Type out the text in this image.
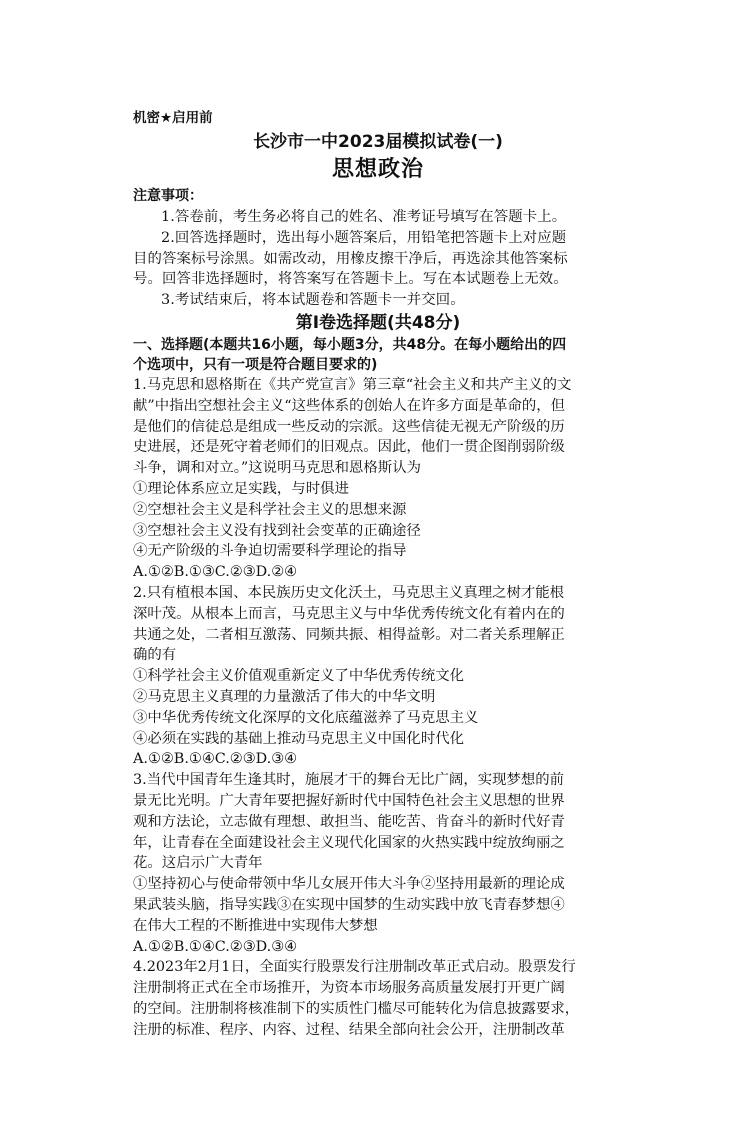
机密★启用前
长沙市一中2023届模拟试卷(一)
思想政治
注意事项：
1.答卷前，考生务必将自己的姓名、准考证号填写在答题卡上。
2.回答选择题时，选出每小题答案后，用铅笔把答题卡上对应题
目的答案标号涂黑。如需改动，用橡皮擦干净后，再选涂其他答案标
号。回答非选择题时，将答案写在答题卡上。写在本试题卷上无效。
3.考试结束后，将本试题卷和答题卡一并交回。
第Ⅰ卷选择题(共48分)
一、选择题(本题共16小题，每小题3分，共48分。在每小题给出的四
个选项中，只有一项是符合题目要求的)
1.马克思和恩格斯在《共产党宣言》第三章“社会主义和共产主义的文
献”中指出空想社会主义“这些体系的创始人在许多方面是革命的，但
是他们的信徒总是组成一些反动的宗派。这些信徒无视无产阶级的历
史进展，还是死守着老师们的旧观点。因此，他们一贯企图削弱阶级
斗争，调和对立。”这说明马克思和恩格斯认为
①理论体系应立足实践，与时俱进
②空想社会主义是科学社会主义的思想来源
③空想社会主义没有找到社会变革的正确途径
④无产阶级的斗争迫切需要科学理论的指导
A.①②B.①③C.②③D.②④
2.只有植根本国、本民族历史文化沃土，马克思主义真理之树才能根
深叶茂。从根本上而言，马克思主义与中华优秀传统文化有着内在的
共通之处，二者相互激荡、同频共振、相得益彰。对二者关系理解正
确的有
①科学社会主义价值观重新定义了中华优秀传统文化
②马克思主义真理的力量激活了伟大的中华文明
③中华优秀传统文化深厚的文化底蕴滋养了马克思主义
④必须在实践的基础上推动马克思主义中国化时代化
A.①②B.①④C.②③D.③④
3.当代中国青年生逢其时，施展才干的舞台无比广阔，实现梦想的前
景无比光明。广大青年要把握好新时代中国特色社会主义思想的世界
观和方法论，立志做有理想、敢担当、能吃苦、肯奋斗的新时代好青
年，让青春在全面建设社会主义现代化国家的火热实践中绽放绚丽之
花。这启示广大青年
①坚持初心与使命带领中华儿女展开伟大斗争②坚持用最新的理论成
果武装头脑，指导实践③在实现中国梦的生动实践中放飞青春梦想④
在伟大工程的不断推进中实现伟大梦想
A.①②B.①④C.②③D.③④
4.2023年2月1日，全面实行股票发行注册制改革正式启动。股票发行
注册制将正式在全市场推开，为资本市场服务高质量发展打开更广阔
的空间。注册制将核准制下的实质性门槛尽可能转化为信息披露要求，
注册的标准、程序、内容、过程、结果全部向社会公开，注册制改革
